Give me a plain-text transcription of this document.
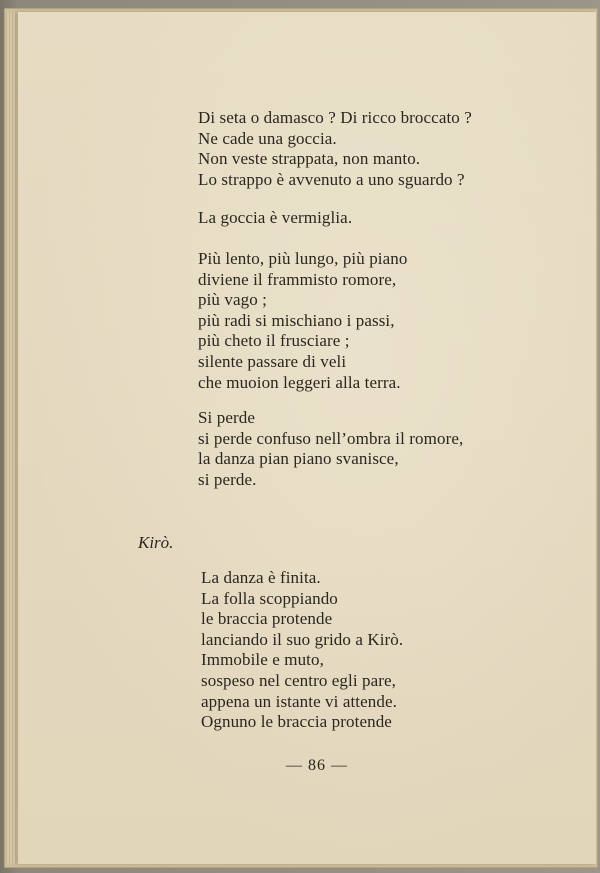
Di seta o damasco ? Di ricco broccato ?
Ne cade una goccia.
Non veste strappata, non manto.
Lo strappo è avvenuto a uno sguardo ?
La goccia è vermiglia.
Più lento, più lungo, più piano
diviene il frammisto romore,
più vago ;
più radi si mischiano i passi,
più cheto il frusciare ;
silente passare di veli
che muoion leggeri alla terra.
Si perde
si perde confuso nell’ombra il romore,
la danza pian piano svanisce,
si perde.
Kirò.
La danza è finita.
La folla scoppiando
le braccia protende
lanciando il suo grido a Kirò.
Immobile e muto,
sospeso nel centro egli pare,
appena un istante vi attende.
Ognuno le braccia protende
— 86 —
